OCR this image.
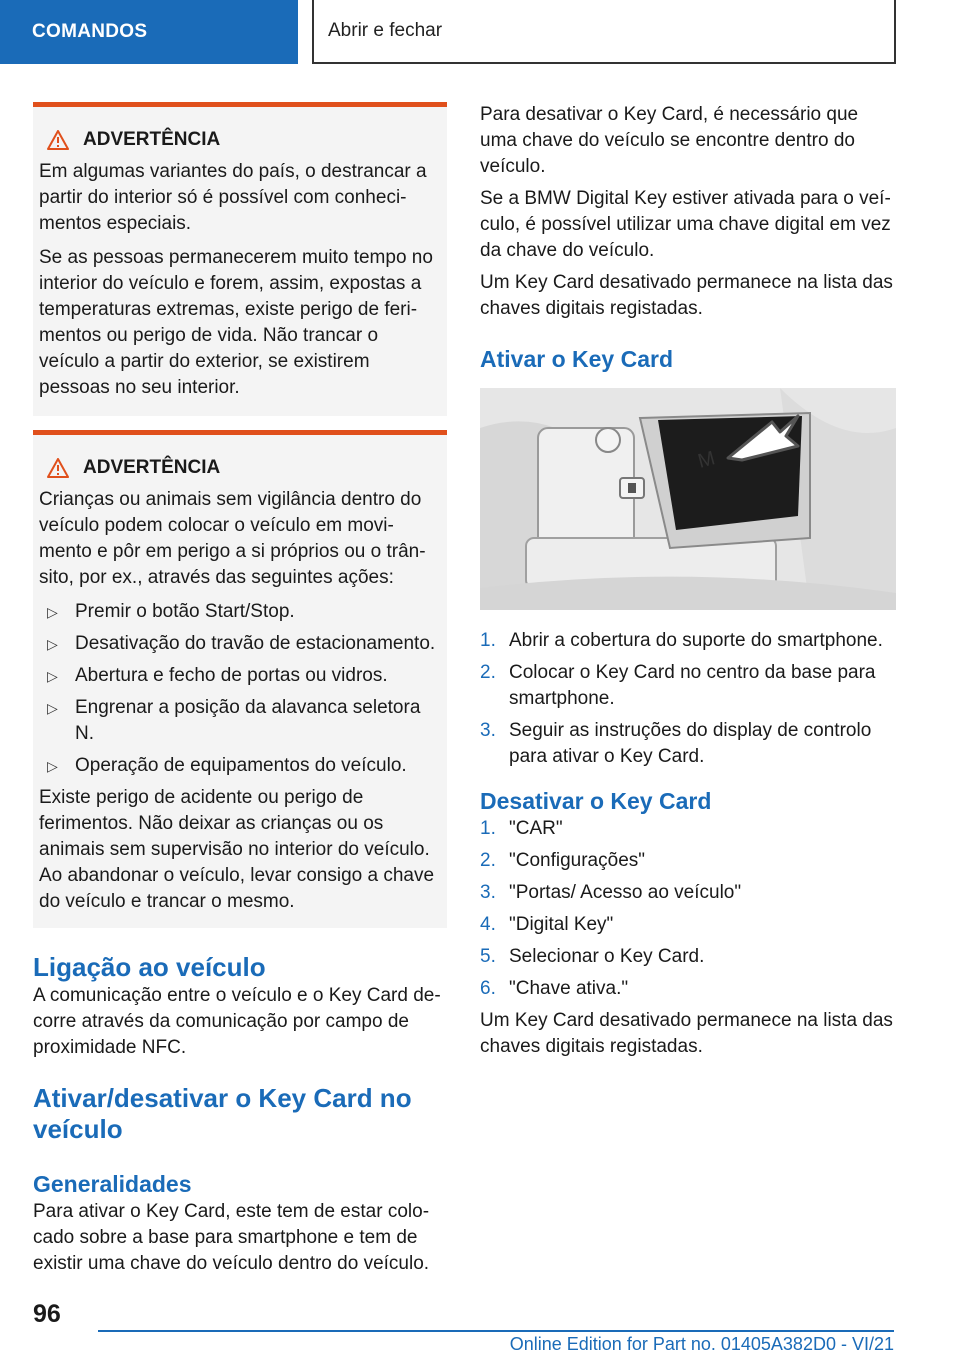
COMANDOS	Abrir e fechar
ADVERTÊNCIA

Em algumas variantes do país, o destrancar a partir do interior só é possível com conhecimentos especiais.

Se as pessoas permanecerem muito tempo no interior do veículo e forem, assim, expostas a temperaturas extremas, existe perigo de ferimentos ou perigo de vida. Não trancar o veículo a partir do exterior, se existirem pessoas no seu interior.

ADVERTÊNCIA

Crianças ou animais sem vigilância dentro do veículo podem colocar o veículo em movimento e pôr em perigo a si próprios ou o trânsito, por ex., através das seguintes ações:

▷ Premir o botão Start/Stop.
▷ Desativação do travão de estacionamento.
▷ Abertura e fecho de portas ou vidros.
▷ Engrenar a posição da alavanca seletora N.
▷ Operação de equipamentos do veículo.

Existe perigo de acidente ou perigo de ferimentos. Não deixar as crianças ou os animais sem supervisão no interior do veículo. Ao abandonar o veículo, levar consigo a chave do veículo e trancar o mesmo.

Ligação ao veículo

A comunicação entre o veículo e o Key Card decorre através da comunicação por campo de proximidade NFC.

Ativar/desativar o Key Card no veículo
Generalidades

Para ativar o Key Card, este tem de estar colocado sobre a base para smartphone e tem de existir uma chave do veículo dentro do veículo.

Para desativar o Key Card, é necessário que uma chave do veículo se encontre dentro do veículo.

Se a BMW Digital Key estiver ativada para o veículo, é possível utilizar uma chave digital em vez da chave do veículo.

Um Key Card desativado permanece na lista das chaves digitais registadas.

Ativar o Key Card
M
1. Abrir a cobertura do suporte do smartphone.
2. Colocar o Key Card no centro da base para smartphone.
3. Seguir as instruções do display de controlo para ativar o Key Card.
Desativar o Key Card
1. "CAR"
2. "Configurações"
3. "Portas/ Acesso ao veículo"
4. "Digital Key"
5. Selecionar o Key Card.
6. "Chave ativa."

Um Key Card desativado permanece na lista das chaves digitais registadas.

96
Online Edition for Part no. 01405A382D0 - VI/21
